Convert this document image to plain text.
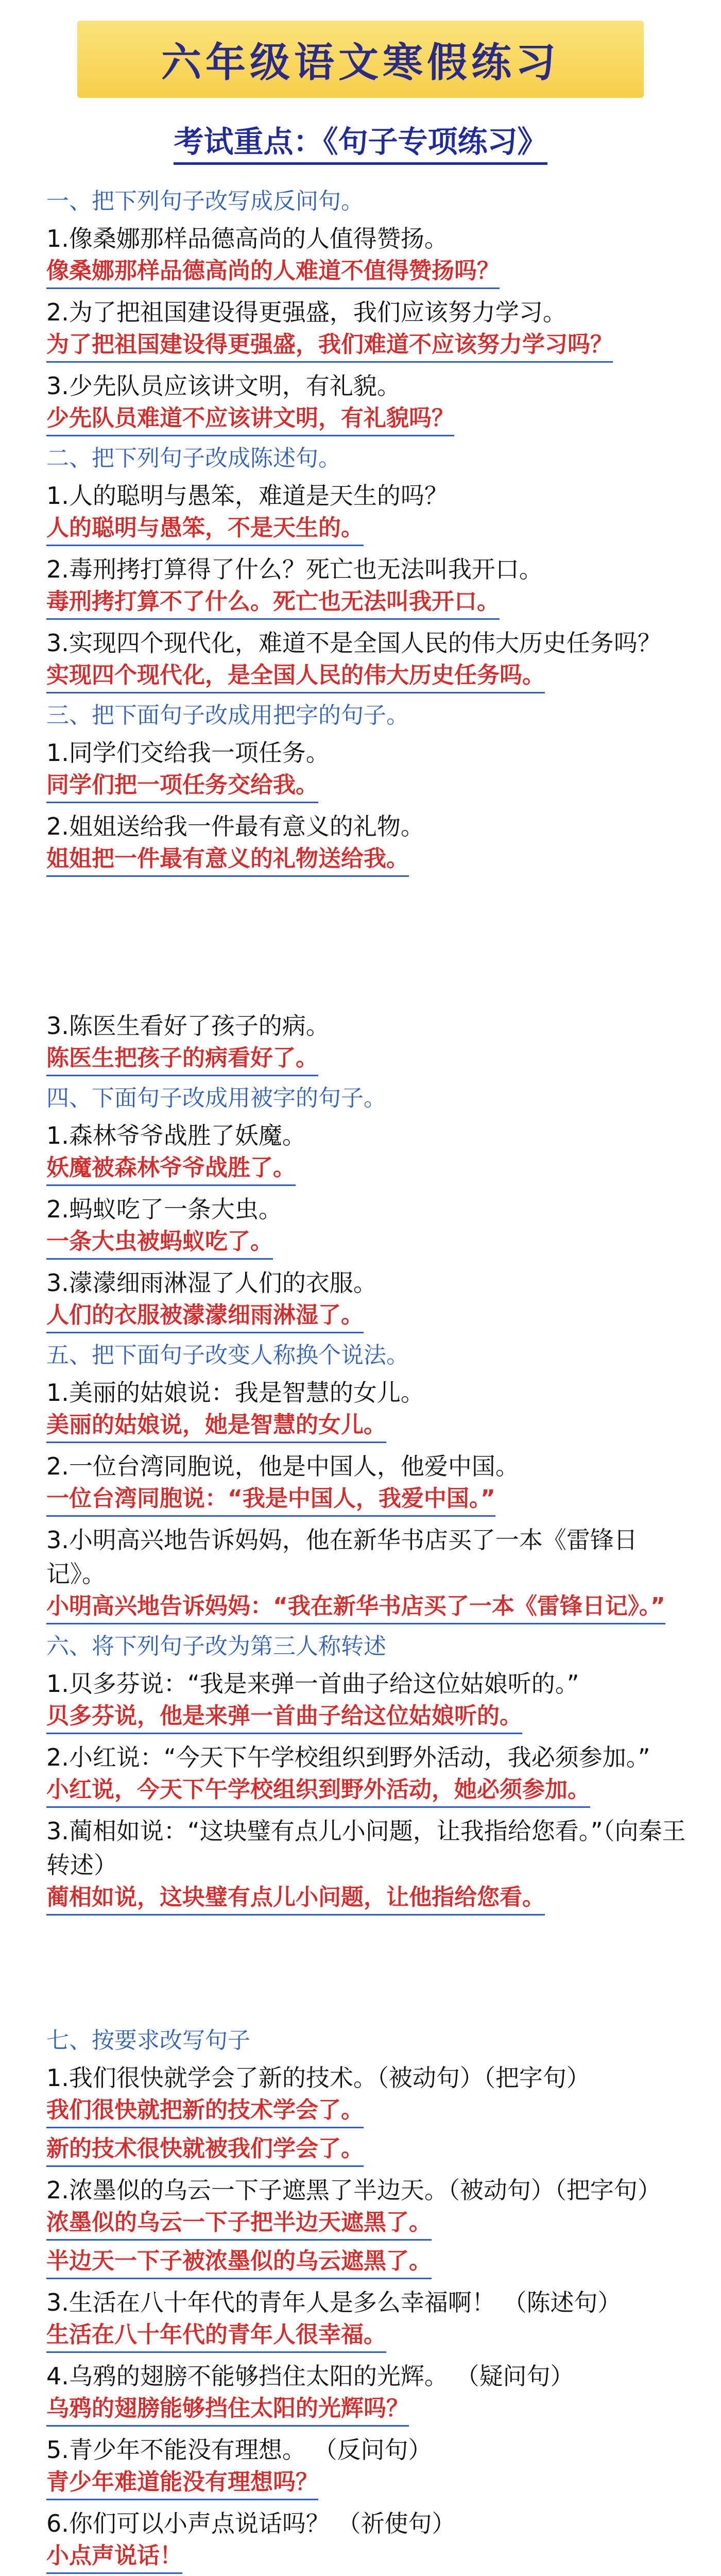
六年级语文寒假练习
考试重点：《句子专项练习》

一、把下列句子改写成反问句。

1.像桑娜那样品德高尚的人值得赞扬。

像桑娜那样品德高尚的人难道不值得赞扬吗？

2.为了把祖国建设得更强盛，我们应该努力学习。

为了把祖国建设得更强盛，我们难道不应该努力学习吗？

3.少先队员应该讲文明，有礼貌。

少先队员难道不应该讲文明，有礼貌吗？

二、把下列句子改成陈述句。

1.人的聪明与愚笨，难道是天生的吗？

人的聪明与愚笨，不是天生的。

2.毒刑拷打算得了什么？死亡也无法叫我开口。

毒刑拷打算不了什么。死亡也无法叫我开口。

3.实现四个现代化，难道不是全国人民的伟大历史任务吗？

实现四个现代化，是全国人民的伟大历史任务吗。

三、把下面句子改成用把字的句子。

1.同学们交给我一项任务。

同学们把一项任务交给我。

2.姐姐送给我一件最有意义的礼物。

姐姐把一件最有意义的礼物送给我。

3.陈医生看好了孩子的病。

陈医生把孩子的病看好了。

四、下面句子改成用被字的句子。

1.森林爷爷战胜了妖魔。

妖魔被森林爷爷战胜了。

2.蚂蚁吃了一条大虫。

一条大虫被蚂蚁吃了。

3.濛濛细雨淋湿了人们的衣服。

人们的衣服被濛濛细雨淋湿了。

五、把下面句子改变人称换个说法。

1.美丽的姑娘说：我是智慧的女儿。

美丽的姑娘说，她是智慧的女儿。

2.一位台湾同胞说，他是中国人，他爱中国。

一位台湾同胞说：“我是中国人，我爱中国。”

3.小明高兴地告诉妈妈，他在新华书店买了一本《雷锋日记》。

小明高兴地告诉妈妈：“我在新华书店买了一本《雷锋日记》。”

六、将下列句子改为第三人称转述

1.贝多芬说：“我是来弹一首曲子给这位姑娘听的。”

贝多芬说，他是来弹一首曲子给这位姑娘听的。

2.小红说：“今天下午学校组织到野外活动，我必须参加。”

小红说，今天下午学校组织到野外活动，她必须参加。

3.蔺相如说：“这块璧有点儿小问题，让我指给您看。”（向秦王转述）

蔺相如说，这块璧有点儿小问题，让他指给您看。

七、按要求改写句子

1.我们很快就学会了新的技术。（被动句）（把字句）

我们很快就把新的技术学会了。
新的技术很快就被我们学会了。

2.浓墨似的乌云一下子遮黑了半边天。（被动句）（把字句）

浓墨似的乌云一下子把半边天遮黑了。
半边天一下子被浓墨似的乌云遮黑了。

3.生活在八十年代的青年人是多么幸福啊！ （陈述句）

生活在八十年代的青年人很幸福。

4.乌鸦的翅膀不能够挡住太阳的光辉。 （疑问句）

乌鸦的翅膀能够挡住太阳的光辉吗？

5.青少年不能没有理想。 （反问句）

青少年难道能没有理想吗？

6.你们可以小声点说话吗？ （祈使句）

小点声说话！
